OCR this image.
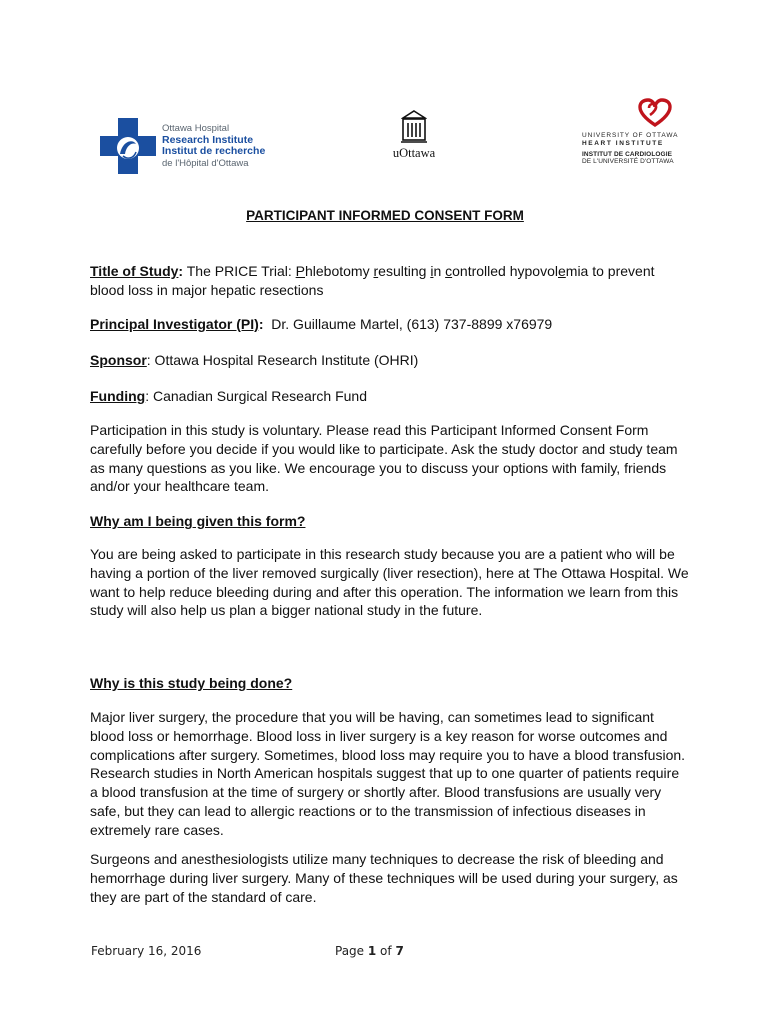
Ottawa Hospital
Research Institute
Institut de recherche
de l'Hôpital d'Ottawa
uOttawa
UNIVERSITY OF OTTAWA
HEART INSTITUTE
INSTITUT DE CARDIOLOGIE
DE L'UNIVERSITÉ D'OTTAWA
PARTICIPANT INFORMED CONSENT FORM
Title of Study: The PRICE Trial: Phlebotomy resulting in controlled hypovolemia to prevent blood loss in major hepatic resections
Principal Investigator (PI):  Dr. Guillaume Martel, (613) 737-8899 x76979
Sponsor: Ottawa Hospital Research Institute (OHRI)
Funding: Canadian Surgical Research Fund
Participation in this study is voluntary. Please read this Participant Informed Consent Form carefully before you decide if you would like to participate. Ask the study doctor and study team as many questions as you like. We encourage you to discuss your options with family, friends and/or your healthcare team.
Why am I being given this form?
You are being asked to participate in this research study because you are a patient who will be having a portion of the liver removed surgically (liver resection), here at The Ottawa Hospital. We want to help reduce bleeding during and after this operation. The information we learn from this study will also help us plan a bigger national study in the future.
Why is this study being done?
Major liver surgery, the procedure that you will be having, can sometimes lead to significant blood loss or hemorrhage. Blood loss in liver surgery is a key reason for worse outcomes and complications after surgery. Sometimes, blood loss may require you to have a blood transfusion. Research studies in North American hospitals suggest that up to one quarter of patients require a blood transfusion at the time of surgery or shortly after. Blood transfusions are usually very safe, but they can lead to allergic reactions or to the transmission of infectious diseases in extremely rare cases.
Surgeons and anesthesiologists utilize many techniques to decrease the risk of bleeding and hemorrhage during liver surgery. Many of these techniques will be used during your surgery, as they are part of the standard of care.
February 16, 2016	Page 1 of 7
